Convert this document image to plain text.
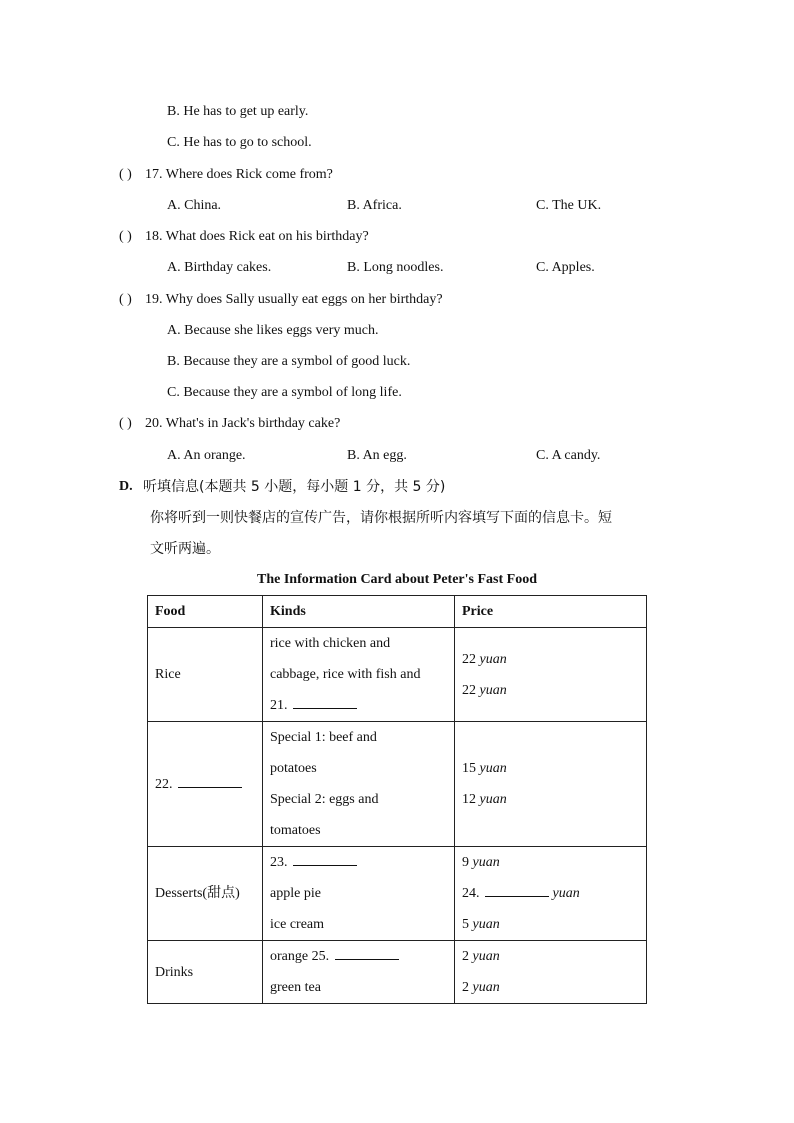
B. He has to get up early.
C. He has to go to school.
( ) 17. Where does Rick come from?
A. China.	B. Africa.	C. The UK.
( ) 18. What does Rick eat on his birthday?
A. Birthday cakes.	B. Long noodles.	C. Apples.
( ) 19. Why does Sally usually eat eggs on her birthday?
A. Because she likes eggs very much.
B. Because they are a symbol of good luck.
C. Because they are a symbol of long life.
( ) 20. What's in Jack's birthday cake?
A. An orange.	B. An egg.	C. A candy.
D. 听填信息(本题共 5 小题，每小题 1 分，共 5 分)
你将听到一则快餐店的宣传广告，请你根据所听内容填写下面的信息卡。短
文听两遍。
The Information Card about Peter's Fast Food
Food	Kinds	Price
Rice	rice with chicken and
cabbage, rice with fish and
21.	22 yuan
22 yuan

22.	Special 1: beef and
potatoes
Special 2: eggs and
tomatoes	15 yuan
12 yuan

Desserts(甜点)	23.
apple pie
ice cream	9 yuan
24. yuan
5 yuan

Drinks	orange 25.
green tea	2 yuan
2 yuan
